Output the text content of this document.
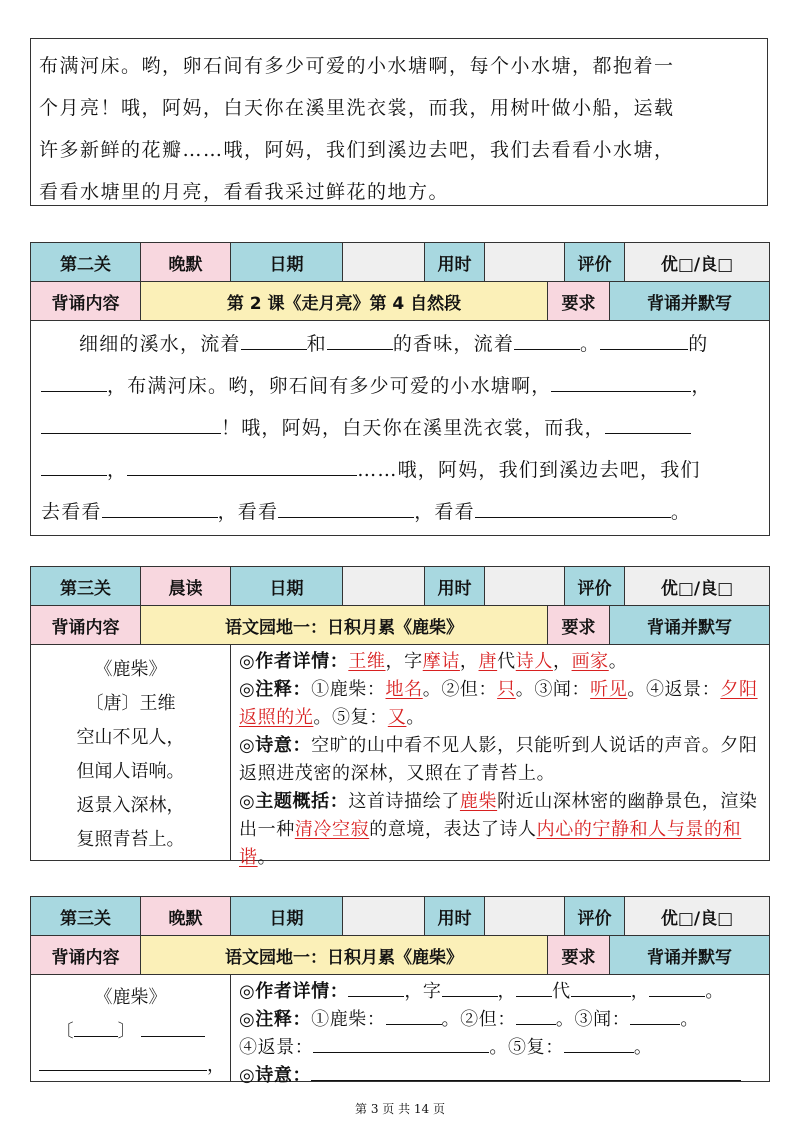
布满河床。哟，卵石间有多少可爱的小水塘啊，每个小水塘，都抱着一

个月亮！哦，阿妈，白天你在溪里洗衣裳，而我，用树叶做小船，运载

许多新鲜的花瓣……哦，阿妈，我们到溪边去吧，我们去看看小水塘，

看看水塘里的月亮，看看我采过鲜花的地方。

第二关	晚默	日期	用时	评价	优□/良□
背诵内容	第 2 课《走月亮》第 4 自然段	要求	背诵并默写

细细的溪水，流着	和	的香味，流着	。	的

，布满河床。哟，卵石间有多少可爱的小水塘啊，	，

！哦，阿妈，白天你在溪里洗衣裳，而我，

，	……哦，阿妈，我们到溪边去吧，我们

去看看	，看看	，看看	。

第三关	晨读	日期	用时	评价	优□/良□
背诵内容	语文园地一：日积月累《鹿柴》	要求	背诵并默写
《鹿柴》
〔唐〕王维
空山不见人，
但闻人语响。
返景入深林，
复照青苔上。

◎作者详情：王维，字摩诘，唐代诗人，画家。

◎注释：①鹿柴：地名。②但：只。③闻：听见。④返景：夕阳返照的光。⑤复：又。

◎诗意：空旷的山中看不见人影，只能听到人说话的声音。夕阳返照进茂密的深林，又照在了青苔上。

◎主题概括：这首诗描绘了鹿柴附近山深林密的幽静景色，渲染出一种清冷空寂的意境，表达了诗人内心的宁静和人与景的和谐。

第三关	晚默	日期	用时	评价	优□/良□
背诵内容	语文园地一：日积月累《鹿柴》	要求	背诵并默写
《鹿柴》
〔 〕
，

◎作者详情：	，字	， 代	，	。

◎注释：①鹿柴：	。②但： 。③闻：	。

④返景：	。⑤复：	。

◎诗意：

第 3 页 共 14 页
